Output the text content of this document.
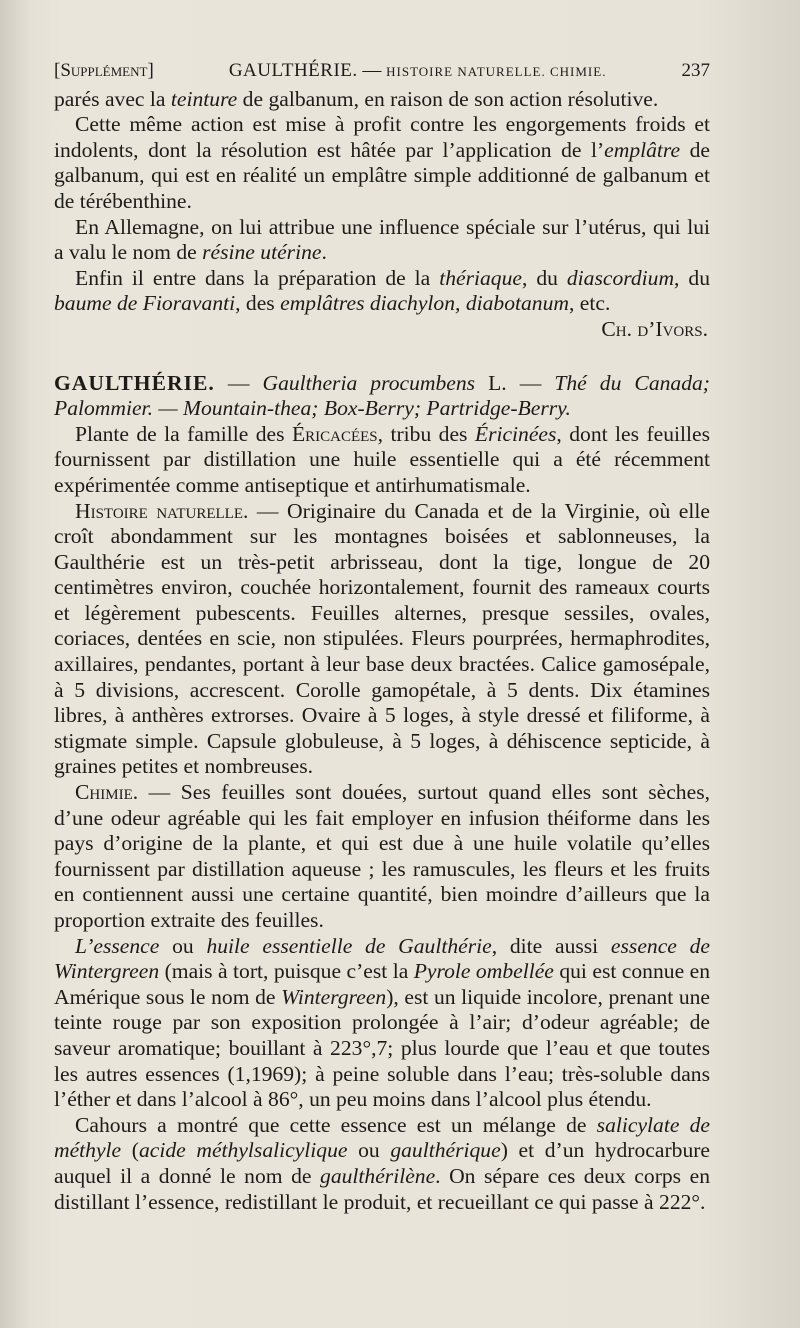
[Supplément]	GAULTHÉRIE. — HISTOIRE NATURELLE. CHIMIE.	237

parés avec la teinture de galbanum, en raison de son action résolutive.

Cette même action est mise à profit contre les engorgements froids et indolents, dont la résolution est hâtée par l’application de l’emplâtre de galbanum, qui est en réalité un emplâtre simple additionné de galbanum et de térébenthine.

En Allemagne, on lui attribue une influence spéciale sur l’utérus, qui lui a valu le nom de résine utérine.

Enfin il entre dans la préparation de la thériaque, du diascordium, du baume de Fioravanti, des emplâtres diachylon, diabotanum, etc.

Ch. d’Ivors.

GAULTHÉRIE. — Gaultheria procumbens L. — Thé du Canada; Palommier. — Mountain-thea; Box-Berry; Partridge-Berry.

Plante de la famille des Éricacées, tribu des Éricinées, dont les feuilles fournissent par distillation une huile essentielle qui a été récemment expérimentée comme antiseptique et antirhumatismale.

Histoire naturelle. — Originaire du Canada et de la Virginie, où elle croît abondamment sur les montagnes boisées et sablonneuses, la Gaulthérie est un très-petit arbrisseau, dont la tige, longue de 20 centimètres environ, couchée horizontalement, fournit des rameaux courts et légèrement pubescents. Feuilles alternes, presque sessiles, ovales, coriaces, dentées en scie, non stipulées. Fleurs pourprées, hermaphrodites, axillaires, pendantes, portant à leur base deux bractées. Calice gamosépale, à 5 divisions, accrescent. Corolle gamopétale, à 5 dents. Dix étamines libres, à anthères extrorses. Ovaire à 5 loges, à style dressé et filiforme, à stigmate simple. Capsule globuleuse, à 5 loges, à déhiscence septicide, à graines petites et nombreuses.

Chimie. — Ses feuilles sont douées, surtout quand elles sont sèches, d’une odeur agréable qui les fait employer en infusion théiforme dans les pays d’origine de la plante, et qui est due à une huile volatile qu’elles fournissent par distillation aqueuse ; les ramuscules, les fleurs et les fruits en contiennent aussi une certaine quantité, bien moindre d’ailleurs que la proportion extraite des feuilles.

L’essence ou huile essentielle de Gaulthérie, dite aussi essence de Wintergreen (mais à tort, puisque c’est la Pyrole ombellée qui est connue en Amérique sous le nom de Wintergreen), est un liquide incolore, prenant une teinte rouge par son exposition prolongée à l’air; d’odeur agréable; de saveur aromatique; bouillant à 223°,7; plus lourde que l’eau et que toutes les autres essences (1,1969); à peine soluble dans l’eau; très-soluble dans l’éther et dans l’alcool à 86°, un peu moins dans l’alcool plus étendu.

Cahours a montré que cette essence est un mélange de salicylate de méthyle (acide méthylsalicylique ou gaulthérique) et d’un hydrocarbure auquel il a donné le nom de gaulthérilène. On sépare ces deux corps en distillant l’essence, redistillant le produit, et recueillant ce qui passe à 222°.
